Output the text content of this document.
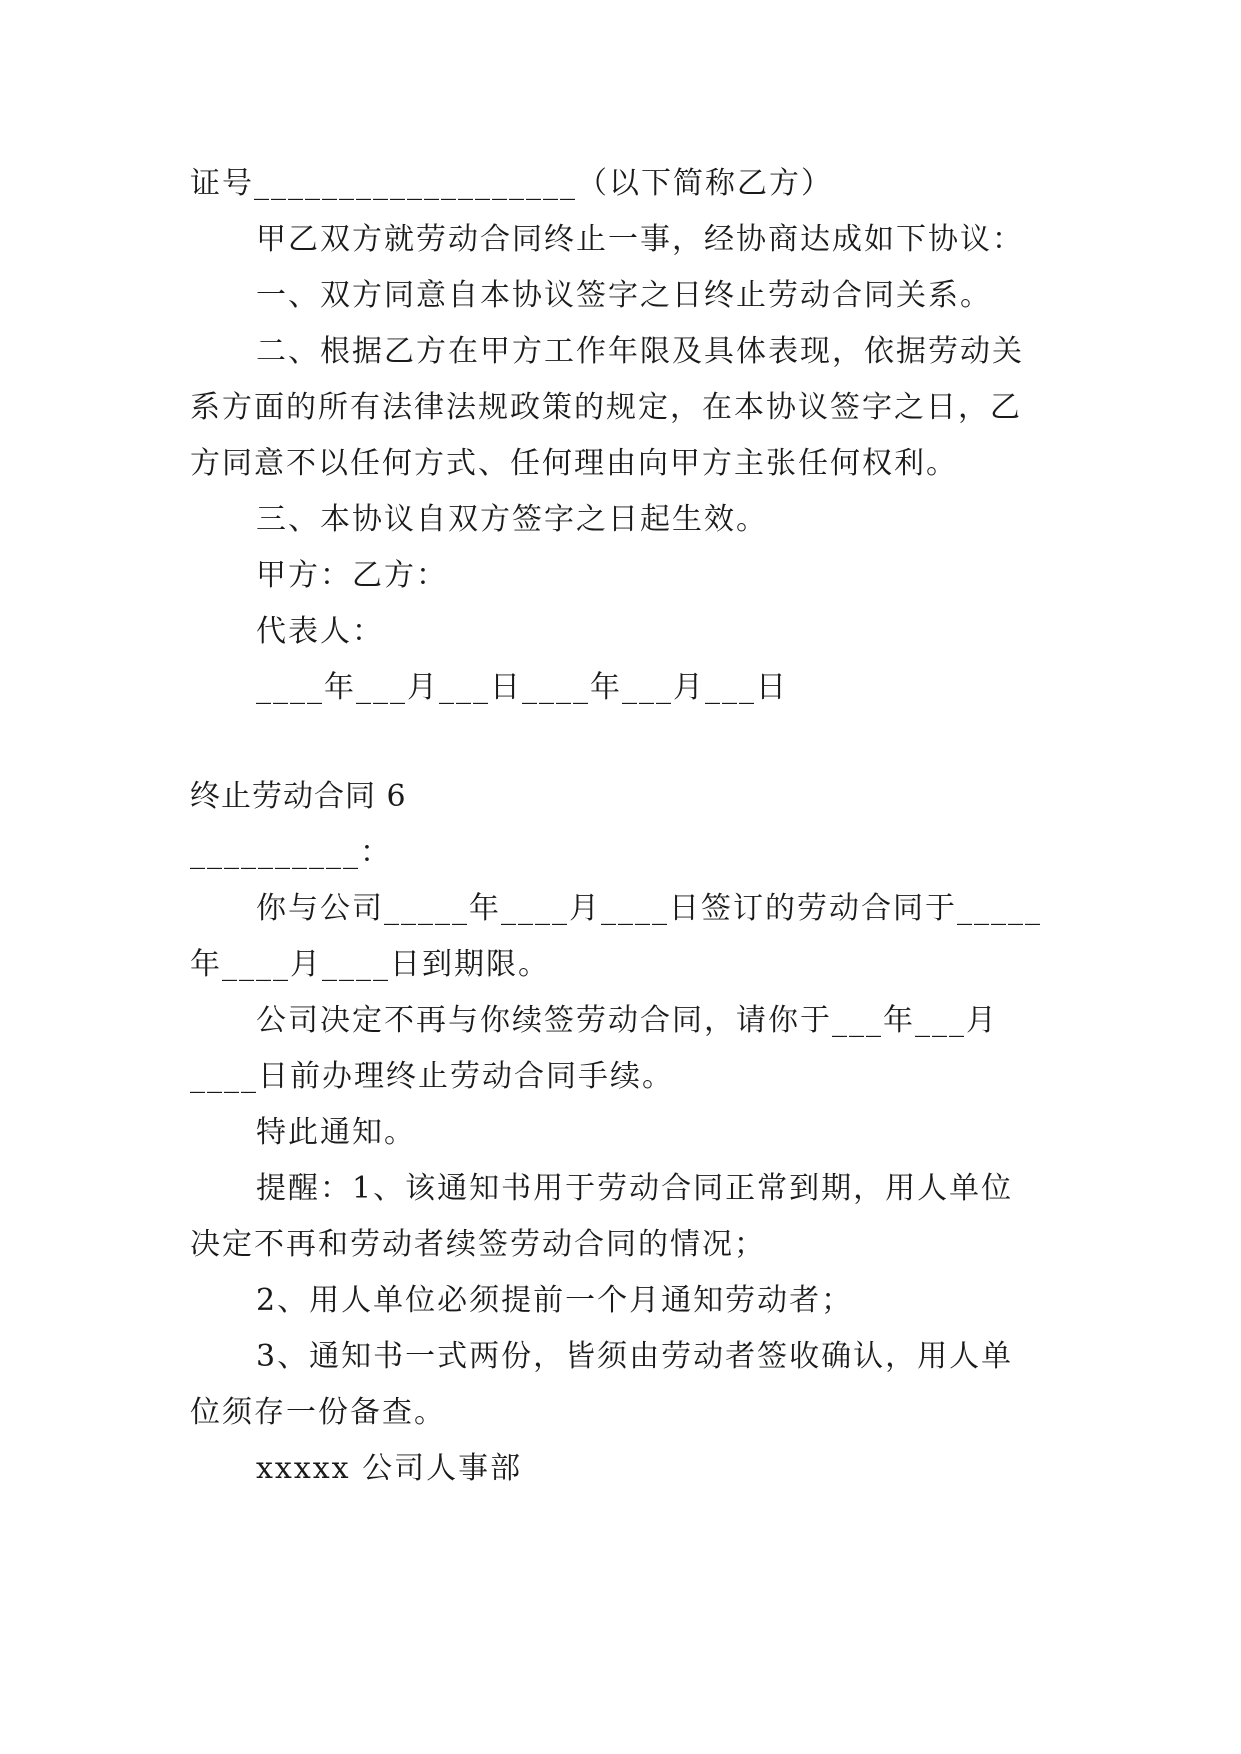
证号___________________（以下简称乙方）

甲乙双方就劳动合同终止一事，经协商达成如下协议：

一、双方同意自本协议签字之日终止劳动合同关系。

二、根据乙方在甲方工作年限及具体表现，依据劳动关

系方面的所有法律法规政策的规定，在本协议签字之日，乙

方同意不以任何方式、任何理由向甲方主张任何权利。

三、本协议自双方签字之日起生效。

甲方：乙方：

代表人：

____年___月___日____年___月___日

终止劳动合同 6

__________：

你与公司_____年____月____日签订的劳动合同于_____

年____月____日到期限。

公司决定不再与你续签劳动合同，请你于___年___月

____日前办理终止劳动合同手续。

特此通知。

提醒：1、该通知书用于劳动合同正常到期，用人单位

决定不再和劳动者续签劳动合同的情况；

2、用人单位必须提前一个月通知劳动者；

3、通知书一式两份，皆须由劳动者签收确认，用人单

位须存一份备查。

xxxxx 公司人事部
